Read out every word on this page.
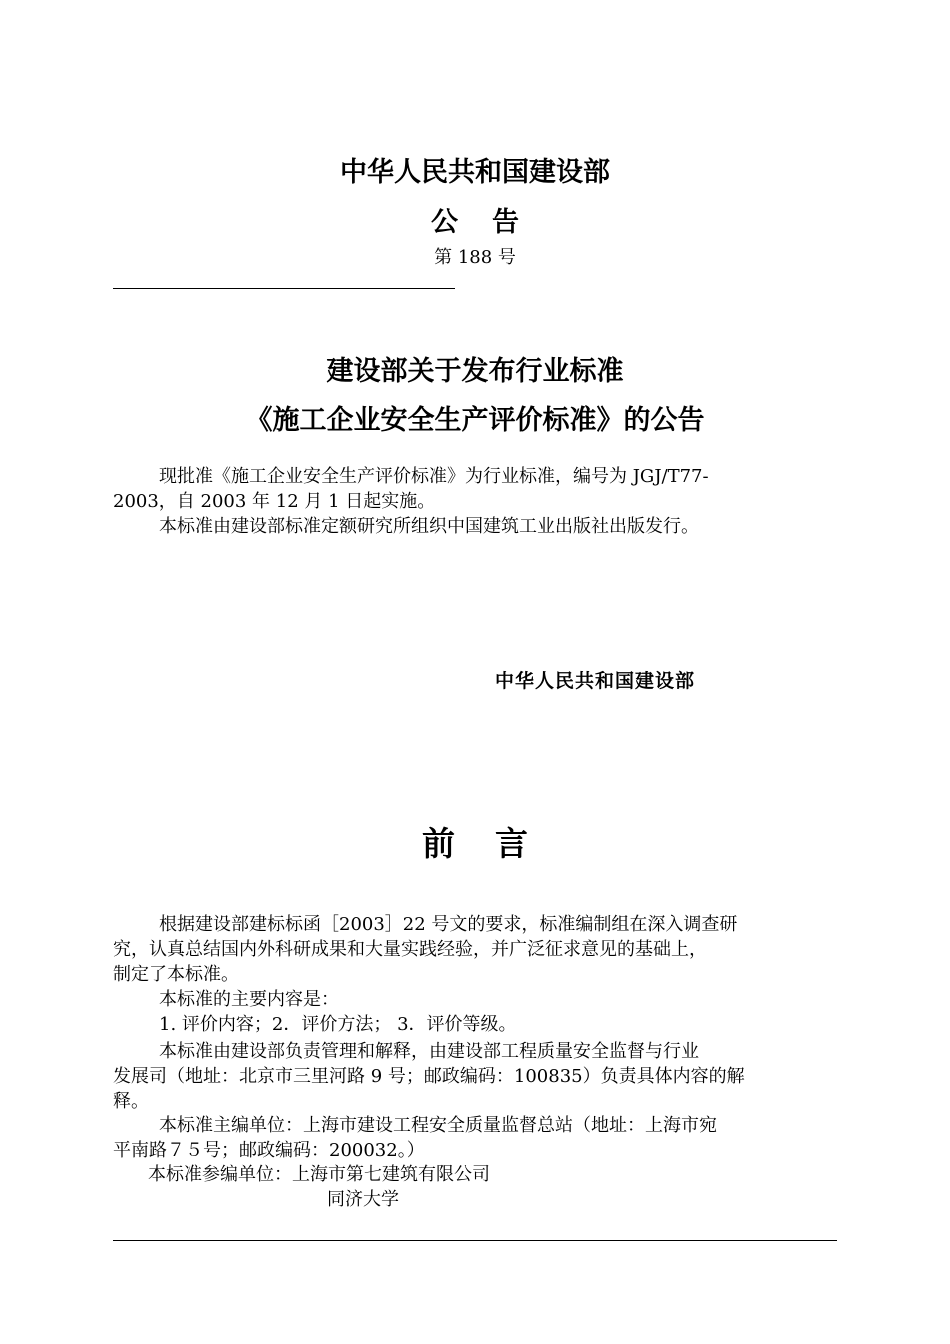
中华人民共和国建设部
公告
第 188 号
建设部关于发布行业标准
《施工企业安全生产评价标准》的公告
现批准《施工企业安全生产评价标准》为行业标准，编号为 JGJ/T77-
2003，自 2003 年 12 月 1 日起实施。
本标准由建设部标准定额研究所组织中国建筑工业出版社出版发行。
中华人民共和国建设部
前言
根据建设部建标标函［2003］22 号文的要求，标准编制组在深入调查研
究，认真总结国内外科研成果和大量实践经验，并广泛征求意见的基础上，
制定了本标准。
本标准的主要内容是：
1. 评价内容；2．评价方法； 3．评价等级。
本标准由建设部负责管理和解释，由建设部工程质量安全监督与行业
发展司（地址：北京市三里河路 9 号；邮政编码：100835）负责具体内容的解
释。
本标准主编单位：上海市建设工程安全质量监督总站（地址：上海市宛
平南路７５号；邮政编码：200032。）
本标准参编单位：上海市第七建筑有限公司
同济大学
